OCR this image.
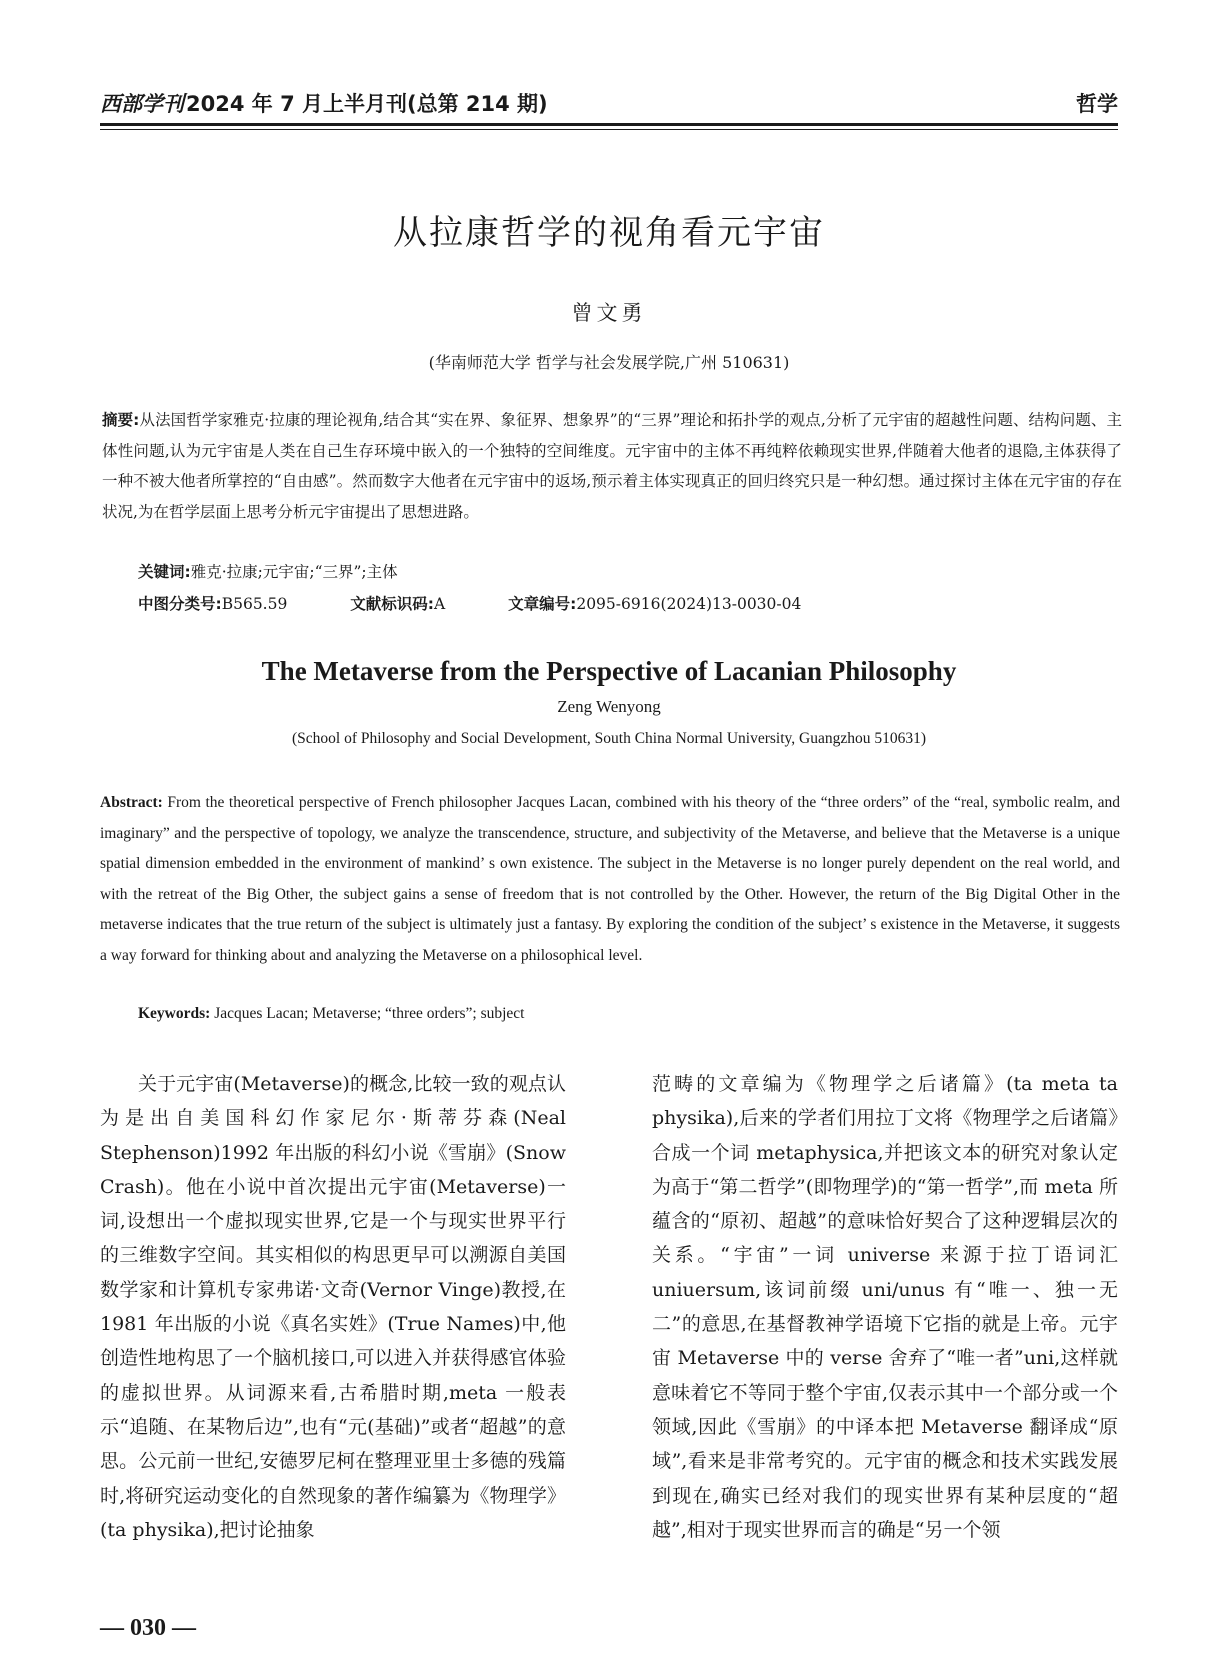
西部学刊2024 年 7 月上半月刊(总第 214 期)	哲学
从拉康哲学的视角看元宇宙
曾文勇
(华南师范大学 哲学与社会发展学院,广州 510631)
摘要:从法国哲学家雅克·拉康的理论视角,结合其“实在界、象征界、想象界”的“三界”理论和拓扑学的观点,分析了元宇宙的超越性问题、结构问题、主体性问题,认为元宇宙是人类在自己生存环境中嵌入的一个独特的空间维度。元宇宙中的主体不再纯粹依赖现实世界,伴随着大他者的退隐,主体获得了一种不被大他者所掌控的“自由感”。然而数字大他者在元宇宙中的返场,预示着主体实现真正的回归终究只是一种幻想。通过探讨主体在元宇宙的存在状况,为在哲学层面上思考分析元宇宙提出了思想进路。
关键词:雅克·拉康;元宇宙;“三界”;主体
中图分类号:B565.59	文献标识码:A	文章编号:2095-6916(2024)13-0030-04
The Metaverse from the Perspective of Lacanian Philosophy
Zeng Wenyong
(School of Philosophy and Social Development, South China Normal University, Guangzhou 510631)
Abstract: From the theoretical perspective of French philosopher Jacques Lacan, combined with his theory of the “three orders” of the “real, symbolic realm, and imaginary” and the perspective of topology, we analyze the transcendence, structure, and subjectivity of the Metaverse, and believe that the Metaverse is a unique spatial dimension embedded in the environment of mankind’ s own existence. The subject in the Metaverse is no longer purely dependent on the real world, and with the retreat of the Big Other, the subject gains a sense of freedom that is not controlled by the Other. However, the return of the Big Digital Other in the metaverse indicates that the true return of the subject is ultimately just a fantasy. By exploring the condition of the subject’ s existence in the Metaverse, it suggests a way forward for thinking about and analyzing the Metaverse on a philosophical level.
Keywords: Jacques Lacan; Metaverse; “three orders”; subject
关于元宇宙(Metaverse)的概念,比较一致的观点认为是出自美国科幻作家尼尔·斯蒂芬森(Neal Stephenson)1992 年出版的科幻小说《雪崩》(Snow Crash)。他在小说中首次提出元宇宙(Metaverse)一词,设想出一个虚拟现实世界,它是一个与现实世界平行的三维数字空间。其实相似的构思更早可以溯源自美国数学家和计算机专家弗诺·文奇(Vernor Vinge)教授,在 1981 年出版的小说《真名实姓》(True Names)中,他创造性地构思了一个脑机接口,可以进入并获得感官体验的虚拟世界。从词源来看,古希腊时期,meta 一般表示“追随、在某物后边”,也有“元(基础)”或者“超越”的意思。公元前一世纪,安德罗尼柯在整理亚里士多德的残篇时,将研究运动变化的自然现象的著作编纂为《物理学》(ta physika),把讨论抽象
范畴的文章编为《物理学之后诸篇》(ta meta ta physika),后来的学者们用拉丁文将《物理学之后诸篇》合成一个词 metaphysica,并把该文本的研究对象认定为高于“第二哲学”(即物理学)的“第一哲学”,而 meta 所蕴含的“原初、超越”的意味恰好契合了这种逻辑层次的关系。“宇宙”一词 universe 来源于拉丁语词汇 uniuersum,该词前缀 uni/unus 有“唯一、独一无二”的意思,在基督教神学语境下它指的就是上帝。元宇宙 Metaverse 中的 verse 舍弃了“唯一者”uni,这样就意味着它不等同于整个宇宙,仅表示其中一个部分或一个领域,因此《雪崩》的中译本把 Metaverse 翻译成“原域”,看来是非常考究的。元宇宙的概念和技术实践发展到现在,确实已经对我们的现实世界有某种层度的“超越”,相对于现实世界而言的确是“另一个领
— 030 —
